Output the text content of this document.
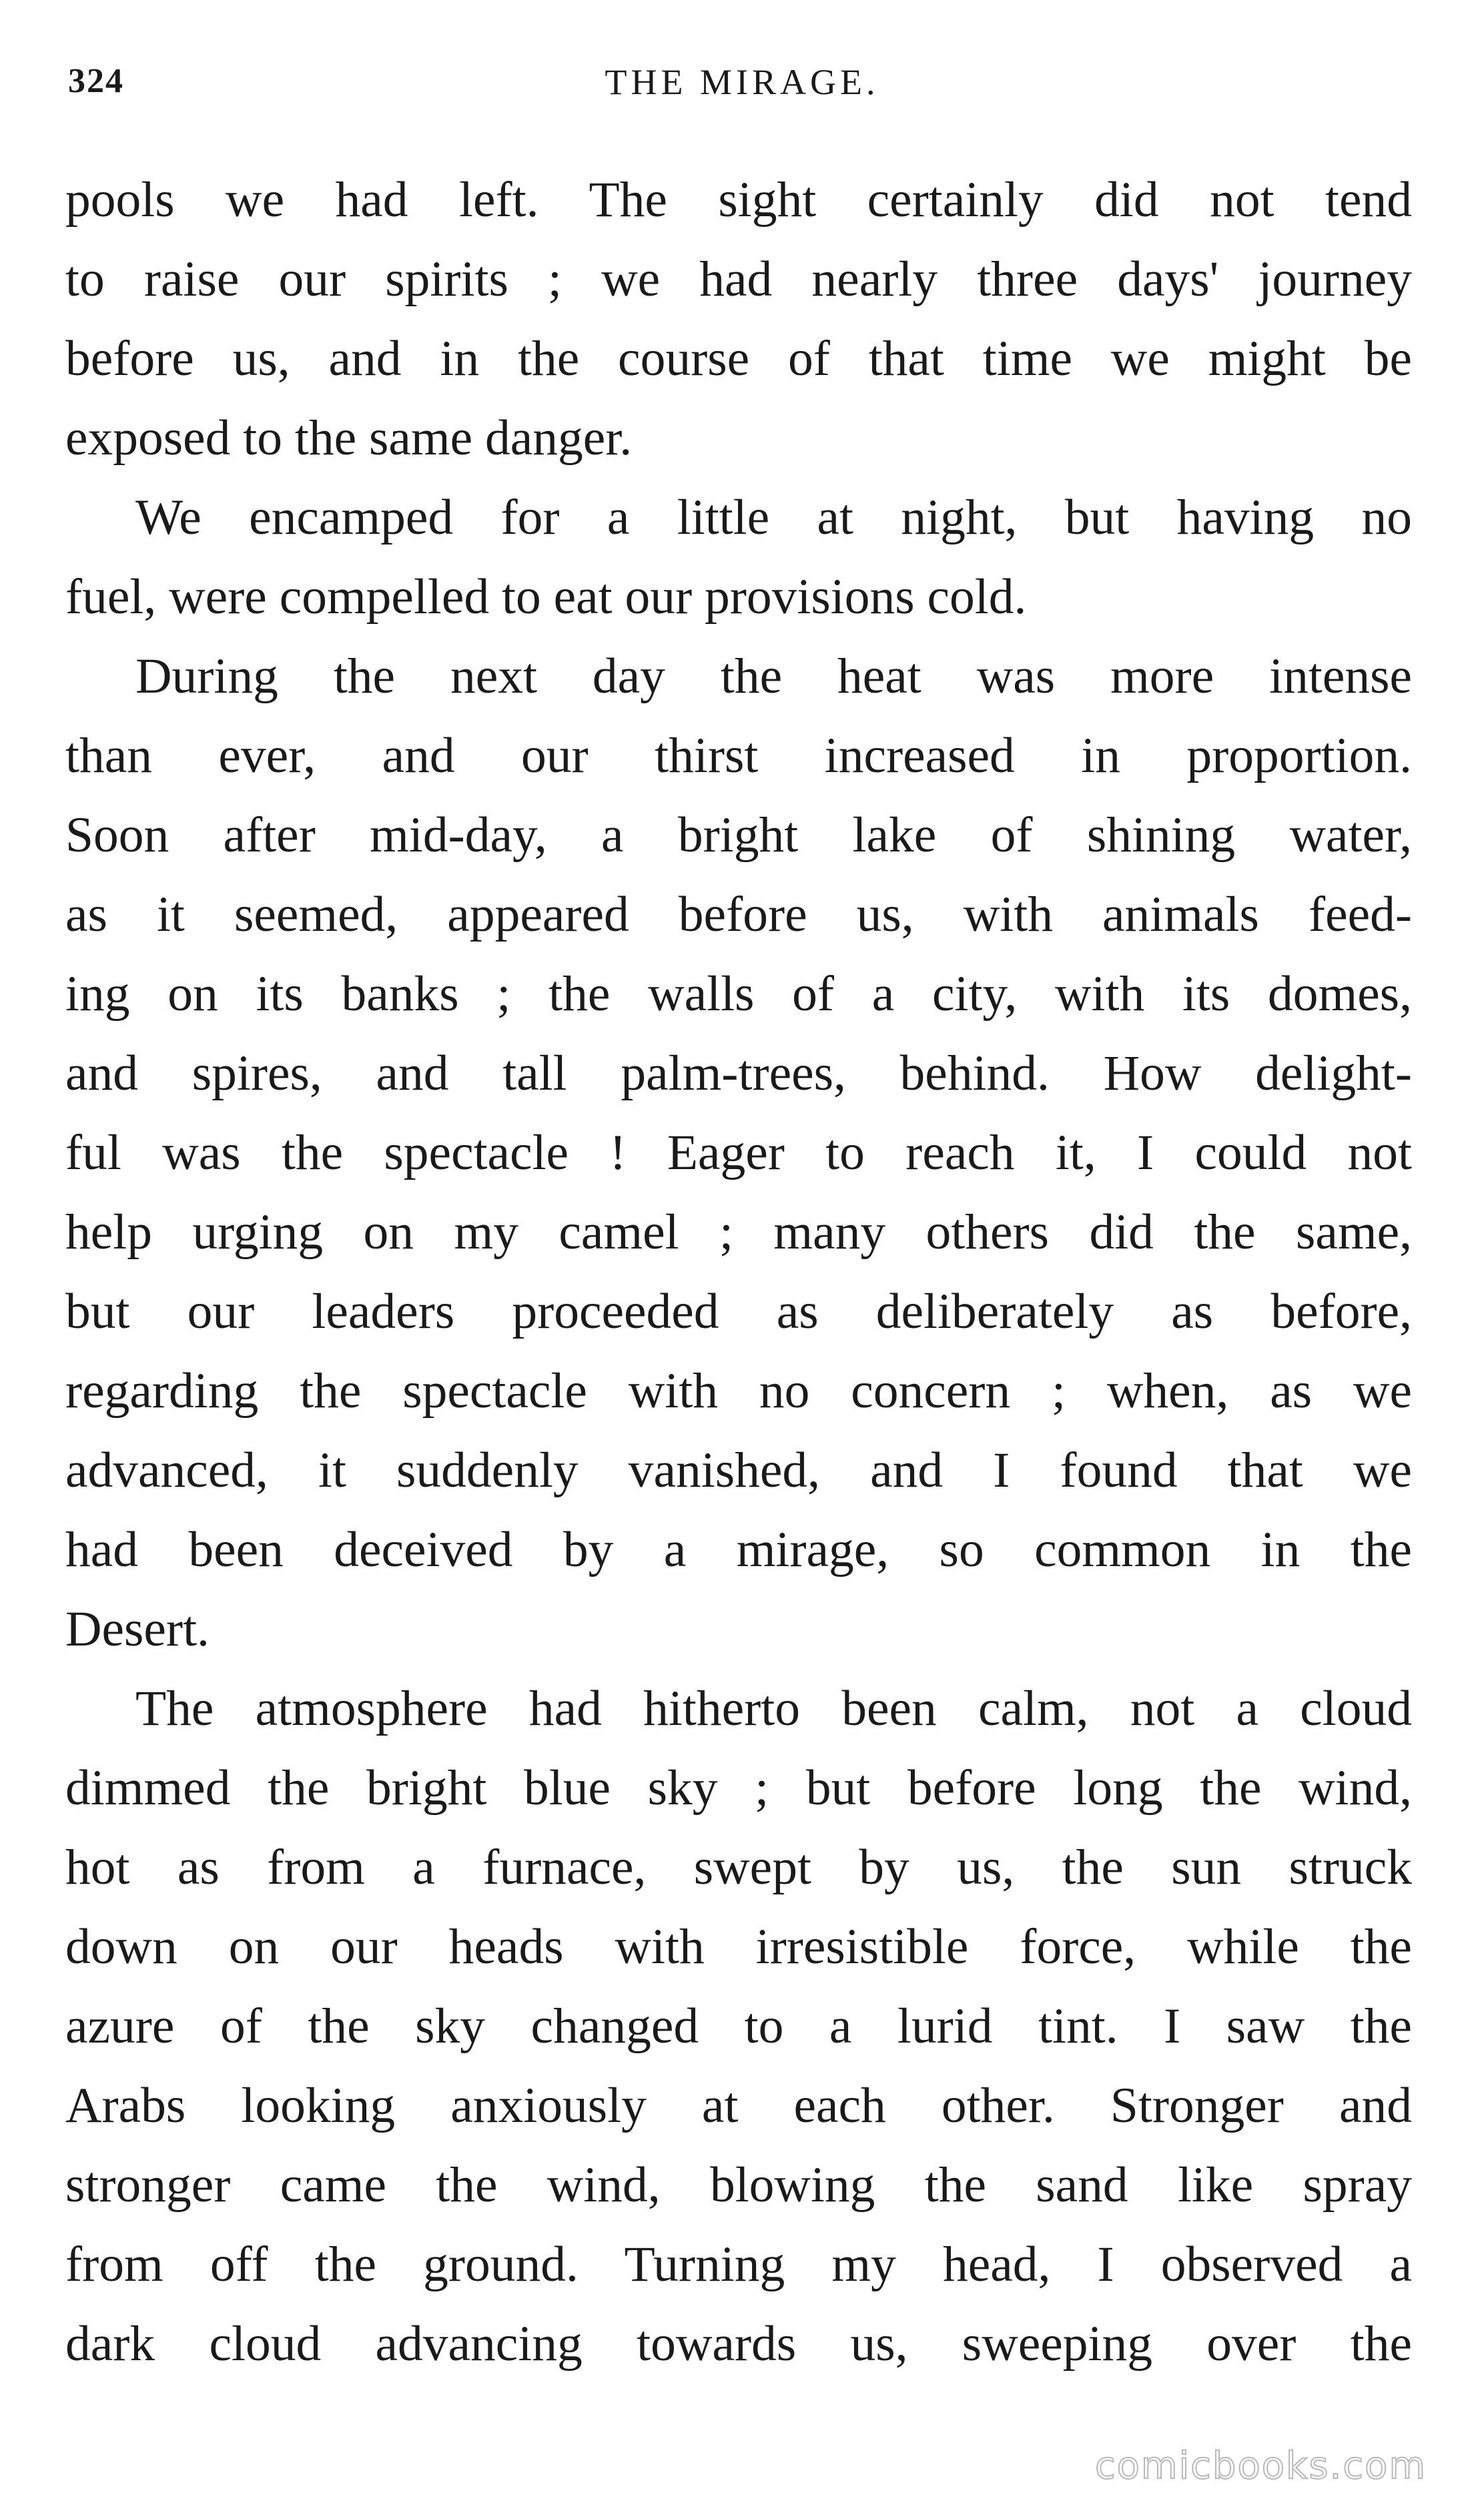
324	THE MIRAGE.

pools we had left. The sight certainly did not tend
to raise our spirits ; we had nearly three days' journey
before us, and in the course of that time we might be
exposed to the same danger.

We encamped for a little at night, but having no
fuel, were compelled to eat our provisions cold.

During the next day the heat was more intense
than ever, and our thirst increased in proportion.
Soon after mid-day, a bright lake of shining water,
as it seemed, appeared before us, with animals feed-
ing on its banks ; the walls of a city, with its domes,
and spires, and tall palm-trees, behind. How delight-
ful was the spectacle ! Eager to reach it, I could not
help urging on my camel ; many others did the same,
but our leaders proceeded as deliberately as before,
regarding the spectacle with no concern ; when, as we
advanced, it suddenly vanished, and I found that we
had been deceived by a mirage, so common in the
Desert.

The atmosphere had hitherto been calm, not a cloud
dimmed the bright blue sky ; but before long the wind,
hot as from a furnace, swept by us, the sun struck
down on our heads with irresistible force, while the
azure of the sky changed to a lurid tint. I saw the
Arabs looking anxiously at each other. Stronger and
stronger came the wind, blowing the sand like spray
from off the ground. Turning my head, I observed a
dark cloud advancing towards us, sweeping over the

comicbooks.com
